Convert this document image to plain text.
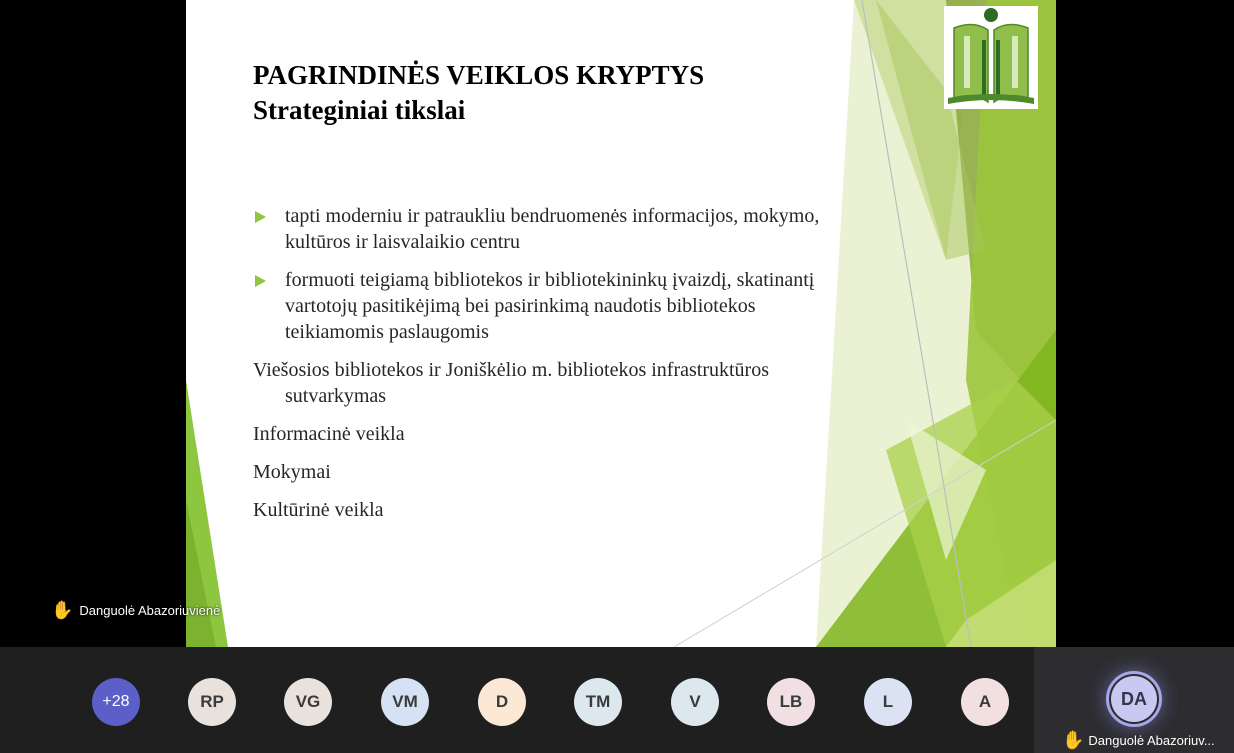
PAGRINDINĖS VEIKLOS KRYPTYS
Strateginiai tikslai
tapti moderniu ir patraukliu bendruomenės informacijos, mokymo, kultūros ir laisvalaikio centru
formuoti teigiamą bibliotekos ir bibliotekininkų įvaizdį, skatinantį vartotojų pasitikėjimą bei pasirinkimą naudotis bibliotekos teikiamomis paslaugomis
Viešosios bibliotekos ir Joniškėlio m. bibliotekos infrastruktūros sutvarkymas
Informacinė veikla
Mokymai
Kultūrinė veikla
✋ Danguolė Abazoriuvienė
+28	RP	VG	VM	D	TM	V	LB	L	A	DA
✋ Danguolė Abazoriuv...
